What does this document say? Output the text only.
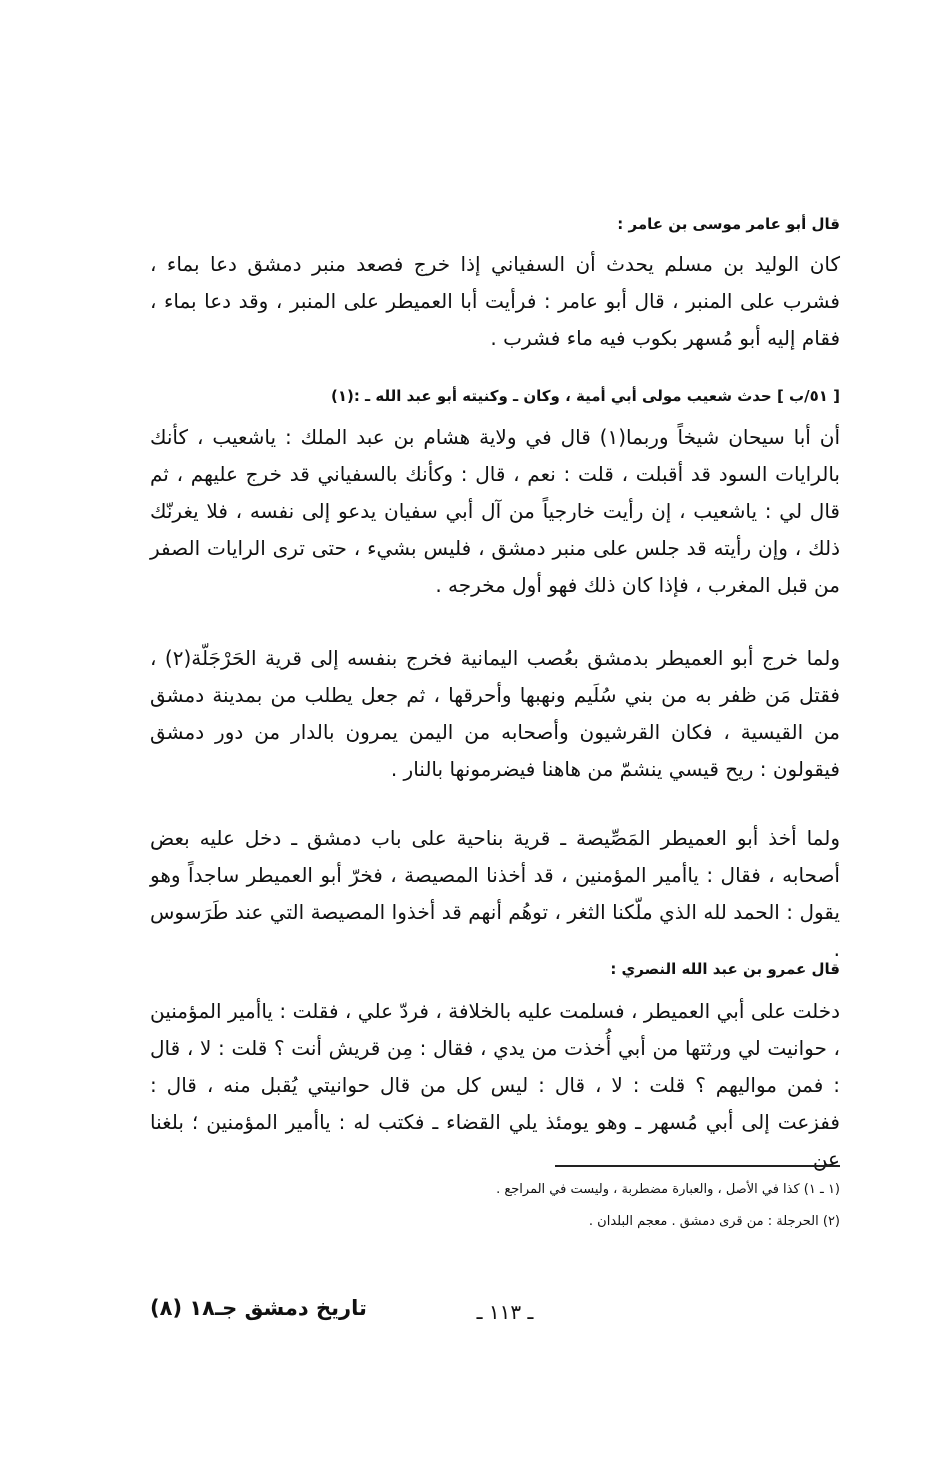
قال أبو عامر موسى بن عامر :

كان الوليد بن مسلم يحدث أن السفياني إذا خرج فصعد منبر دمشق دعا بماء ، فشرب على المنبر ، قال أبو عامر : فرأيت أبا العميطر على المنبر ، وقد دعا بماء ، فقام إليه أبو مُسهر بكوب فيه ماء فشرب .

[ ٥١/ب ] حدث شعيب مولى أبي أمية ، وكان ـ وكنيته أبو عبد الله ـ :(١)

أن أبا سيحان شيخاً وربما(١) قال في ولاية هشام بن عبد الملك : ياشعيب ، كأنك بالرايات السود قد أقبلت ، قلت : نعم ، قال : وكأنك بالسفياني قد خرج عليهم ، ثم قال لي : ياشعيب ، إن رأيت خارجياً من آل أبي سفيان يدعو إلى نفسه ، فلا يغرنّك ذلك ، وإن رأيته قد جلس على منبر دمشق ، فليس بشيء ، حتى ترى الرايات الصفر من قبل المغرب ، فإذا كان ذلك فهو أول مخرجه .

ولما خرج أبو العميطر بدمشق بعُصب اليمانية فخرج بنفسه إلى قرية الحَرْجَلّة(٢) ، فقتل مَن ظفر به من بني سُلَيم ونهبها وأحرقها ، ثم جعل يطلب من بمدينة دمشق من القيسية ، فكان القرشيون وأصحابه من اليمن يمرون بالدار من دور دمشق فيقولون : ريح قيسي ينشمّ من هاهنا فيضرمونها بالنار .

ولما أخذ أبو العميطر المَصِّيصة ـ قرية بناحية على باب دمشق ـ دخل عليه بعض أصحابه ، فقال : ياأمير المؤمنين ، قد أخذنا المصيصة ، فخرّ أبو العميطر ساجداً وهو يقول : الحمد لله الذي ملّكنا الثغر ، توهُم أنهم قد أخذوا المصيصة التي عند طَرَسوس .

قال عمرو بن عبد الله النصري :

دخلت على أبي العميطر ، فسلمت عليه بالخلافة ، فردّ علي ، فقلت : ياأمير المؤمنين ، حوانيت لي ورثتها من أبي أُخذت من يدي ، فقال : مِن قريش أنت ؟ قلت : لا ، قال : فمن مواليهم ؟ قلت : لا ، قال : ليس كل من قال حوانيتي يُقبل منه ، قال : ففزعت إلى أبي مُسهر ـ وهو يومئذ يلي القضاء ـ فكتب له : ياأمير المؤمنين ؛ بلغنا عن

(١ ـ ١) كذا في الأصل ، والعبارة مضطربة ، وليست في المراجع .

(٢) الحرجلة : من قرى دمشق . معجم البلدان .

ـ ١١٣ ـ
تاريخ دمشق جـ١٨ (٨)
